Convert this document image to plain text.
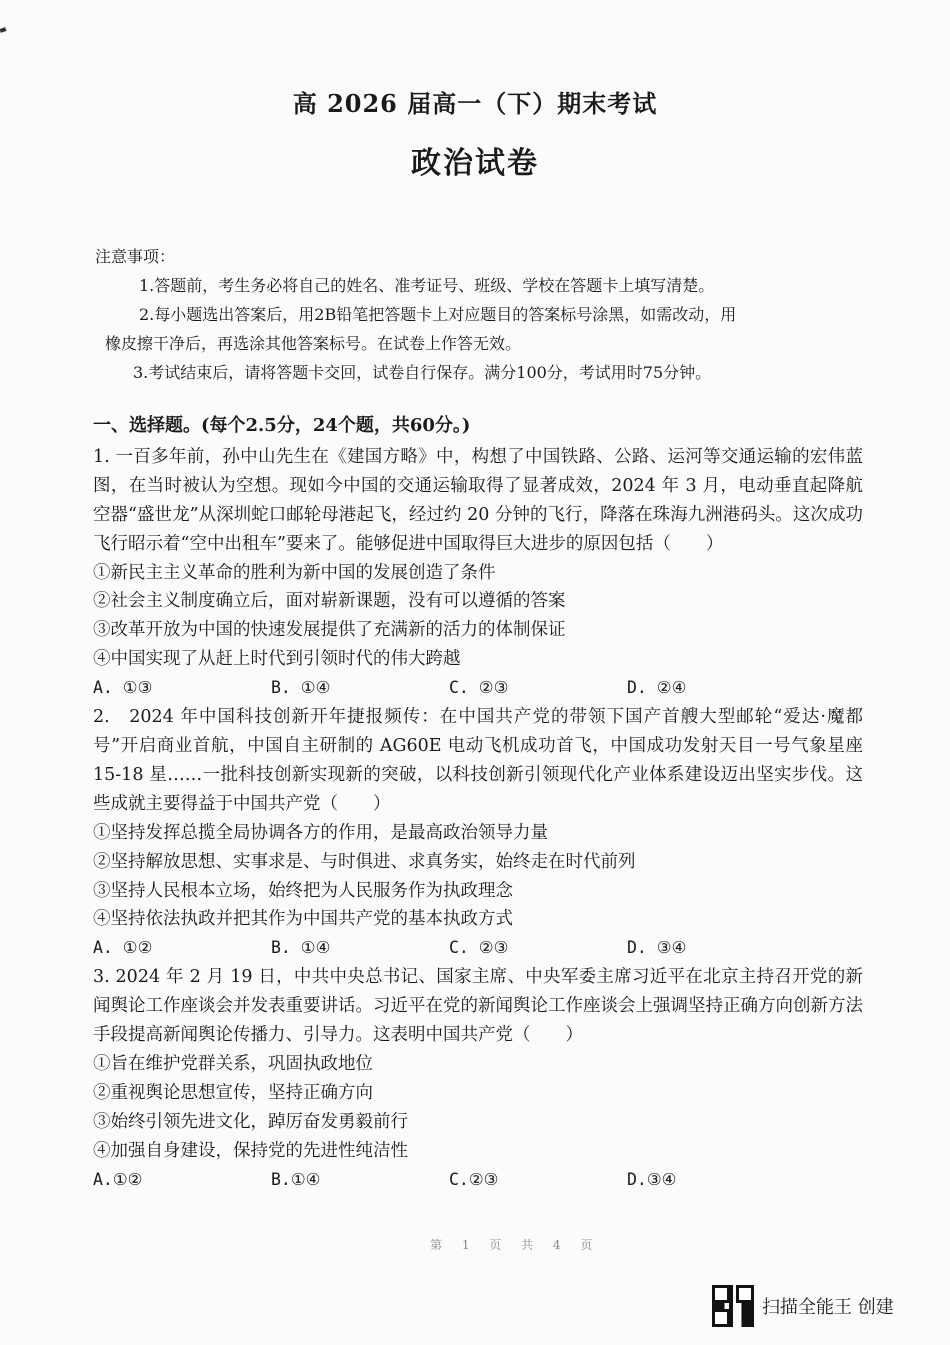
高 2026 届高一（下）期末考试
政治试卷
注意事项：
1.答题前，考生务必将自己的姓名、准考证号、班级、学校在答题卡上填写清楚。
2.每小题选出答案后，用2B铅笔把答题卡上对应题目的答案标号涂黑，如需改动，用
橡皮擦干净后，再选涂其他答案标号。在试卷上作答无效。
3.考试结束后，请将答题卡交回，试卷自行保存。满分100分，考试用时75分钟。
一、选择题。(每个2.5分，24个题，共60分。)
1. 一百多年前，孙中山先生在《建国方略》中，构想了中国铁路、公路、运河等交通运输的宏伟蓝图，在当时被认为空想。现如今中国的交通运输取得了显著成效，2024 年 3 月，电动垂直起降航空器“盛世龙”从深圳蛇口邮轮母港起飞，经过约 20 分钟的飞行，降落在珠海九洲港码头。这次成功飞行昭示着“空中出租车”要来了。能够促进中国取得巨大进步的原因包括（　　）
①新民主主义革命的胜利为新中国的发展创造了条件
②社会主义制度确立后，面对崭新课题，没有可以遵循的答案
③改革开放为中国的快速发展提供了充满新的活力的体制保证
④中国实现了从赶上时代到引领时代的伟大跨越
A. ①③	B. ①④	C. ②③	D. ②④
2.　2024 年中国科技创新开年捷报频传：在中国共产党的带领下国产首艘大型邮轮“爱达·魔都号”开启商业首航，中国自主研制的 AG60E 电动飞机成功首飞，中国成功发射天目一号气象星座 15-18 星……一批科技创新实现新的突破，以科技创新引领现代化产业体系建设迈出坚实步伐。这些成就主要得益于中国共产党（　　）
①坚持发挥总揽全局协调各方的作用，是最高政治领导力量
②坚持解放思想、实事求是、与时俱进、求真务实，始终走在时代前列
③坚持人民根本立场，始终把为人民服务作为执政理念
④坚持依法执政并把其作为中国共产党的基本执政方式
A. ①②	B. ①④	C. ②③	D. ③④
3. 2024 年 2 月 19 日，中共中央总书记、国家主席、中央军委主席习近平在北京主持召开党的新闻舆论工作座谈会并发表重要讲话。习近平在党的新闻舆论工作座谈会上强调坚持正确方向创新方法手段提高新闻舆论传播力、引导力。这表明中国共产党（　　）
①旨在维护党群关系，巩固执政地位
②重视舆论思想宣传，坚持正确方向
③始终引领先进文化，踔厉奋发勇毅前行
④加强自身建设，保持党的先进性纯洁性
A.①②	B.①④	C.②③	D.③④
第 1 页 共 4 页
扫描全能王 创建
